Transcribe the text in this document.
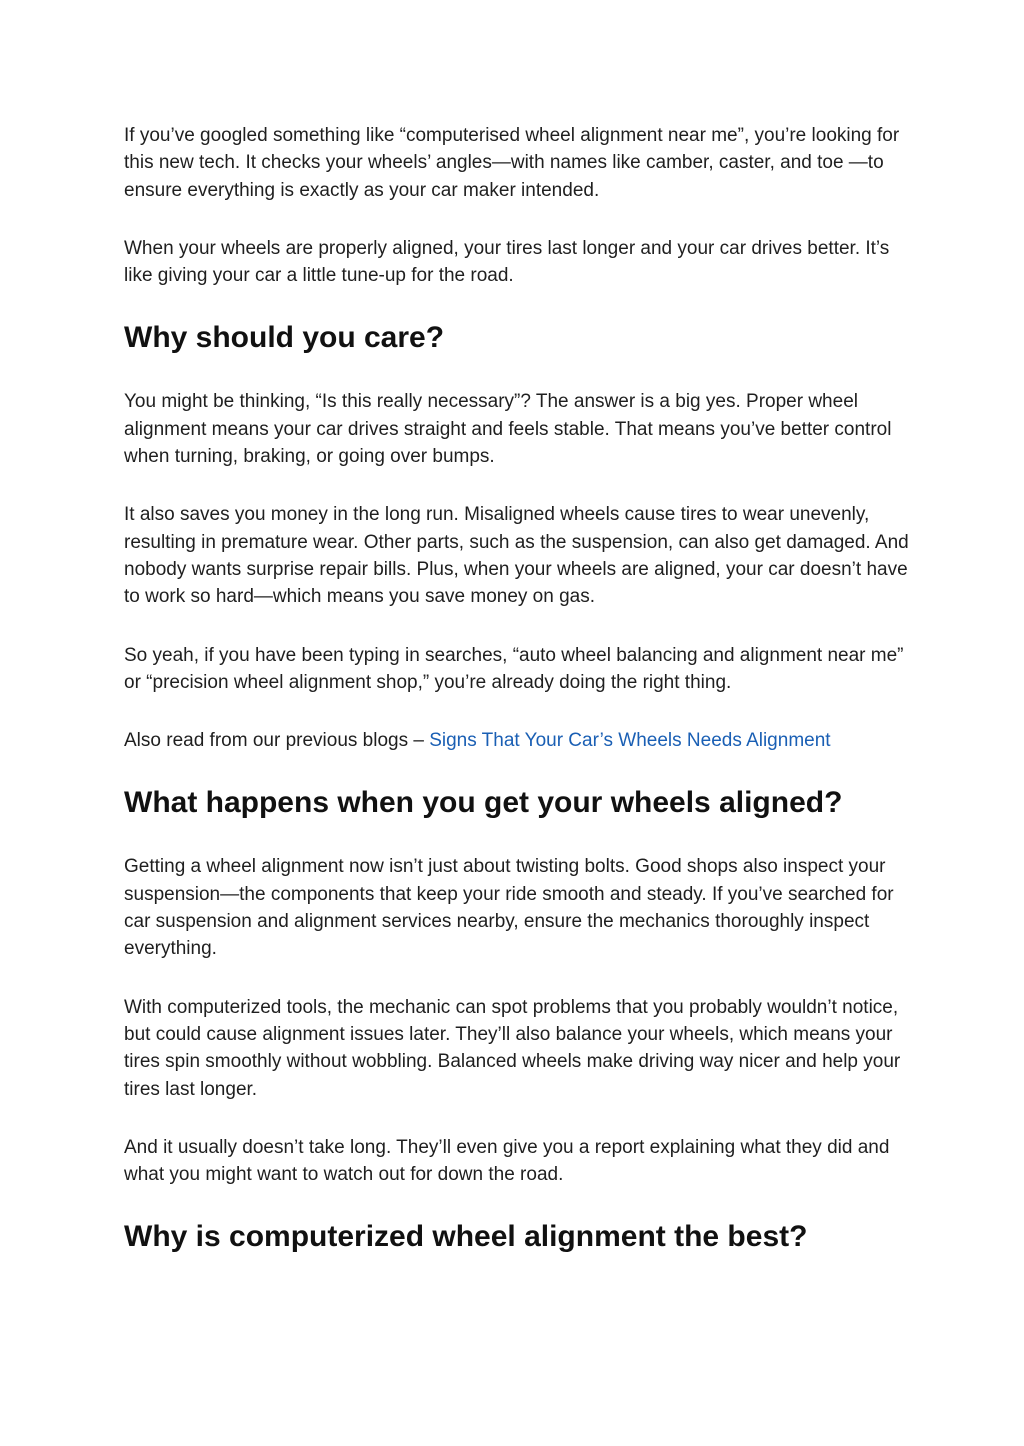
If you’ve googled something like “computerised wheel alignment near me”, you’re looking for this new tech. It checks your wheels’ angles—with names like camber, caster, and toe —to ensure everything is exactly as your car maker intended.

When your wheels are properly aligned, your tires last longer and your car drives better. It’s like giving your car a little tune-up for the road.

Why should you care?

You might be thinking, “Is this really necessary”? The answer is a big yes. Proper wheel alignment means your car drives straight and feels stable. That means you’ve better control when turning, braking, or going over bumps.

It also saves you money in the long run. Misaligned wheels cause tires to wear unevenly, resulting in premature wear. Other parts, such as the suspension, can also get damaged. And nobody wants surprise repair bills. Plus, when your wheels are aligned, your car doesn’t have to work so hard—which means you save money on gas.

So yeah, if you have been typing in searches, “auto wheel balancing and alignment near me” or “precision wheel alignment shop,” you’re already doing the right thing.

Also read from our previous blogs – Signs That Your Car’s Wheels Needs Alignment

What happens when you get your wheels aligned?

Getting a wheel alignment now isn’t just about twisting bolts. Good shops also inspect your suspension—the components that keep your ride smooth and steady. If you’ve searched for car suspension and alignment services nearby, ensure the mechanics thoroughly inspect everything.

With computerized tools, the mechanic can spot problems that you probably wouldn’t notice, but could cause alignment issues later. They’ll also balance your wheels, which means your tires spin smoothly without wobbling. Balanced wheels make driving way nicer and help your tires last longer.

And it usually doesn’t take long. They’ll even give you a report explaining what they did and what you might want to watch out for down the road.

Why is computerized wheel alignment the best?
